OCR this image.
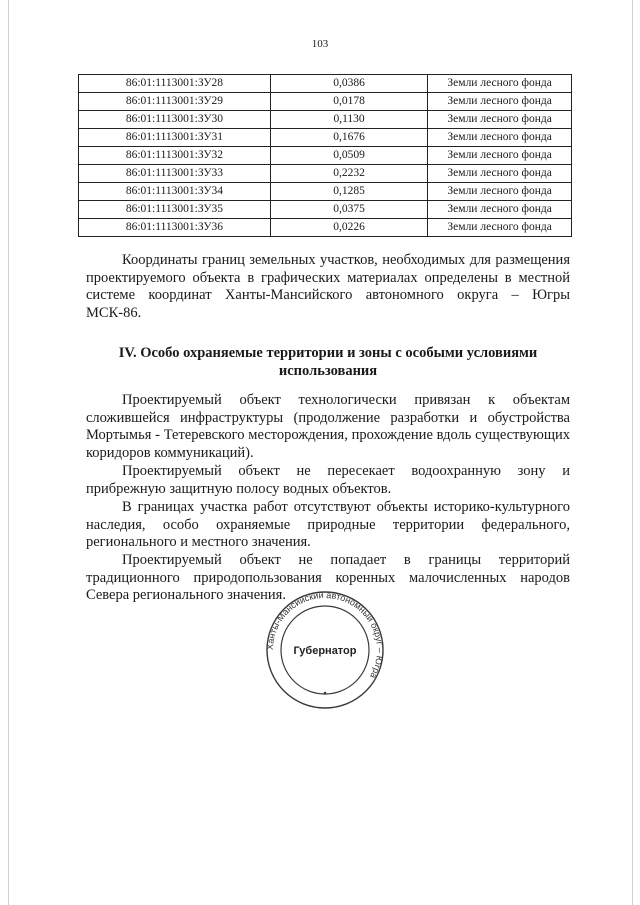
103
86:01:1113001:ЗУ28	0,0386	Земли лесного фонда
86:01:1113001:ЗУ29	0,0178	Земли лесного фонда
86:01:1113001:ЗУ30	0,1130	Земли лесного фонда
86:01:1113001:ЗУ31	0,1676	Земли лесного фонда
86:01:1113001:ЗУ32	0,0509	Земли лесного фонда
86:01:1113001:ЗУ33	0,2232	Земли лесного фонда
86:01:1113001:ЗУ34	0,1285	Земли лесного фонда
86:01:1113001:ЗУ35	0,0375	Земли лесного фонда
86:01:1113001:ЗУ36	0,0226	Земли лесного фонда

Координаты границ земельных участков, необходимых для размещения проектируемого объекта в графических материалах определены в местной системе координат Ханты-Мансийского автономного округа – Югры МСК-86.

IV. Особо охраняемые территории и зоны с особыми условиями использования

Проектируемый объект технологически привязан к объектам сложившейся инфраструктуры (продолжение разработки и обустройства Мортымья - Тетеревского месторождения, прохождение вдоль существующих коридоров коммуникаций).

Проектируемый объект не пересекает водоохранную зону и прибрежную защитную полосу водных объектов.

В границах участка работ отсутствуют объекты историко-культурного наследия, особо охраняемые природные территории федерального, регионального и местного значения.

Проектируемый объект не попадает в границы территорий традиционного природопользования коренных малочисленных народов Севера регионального значения.

Ханты-Мансийский автономный округ – Югра
Губернатор
